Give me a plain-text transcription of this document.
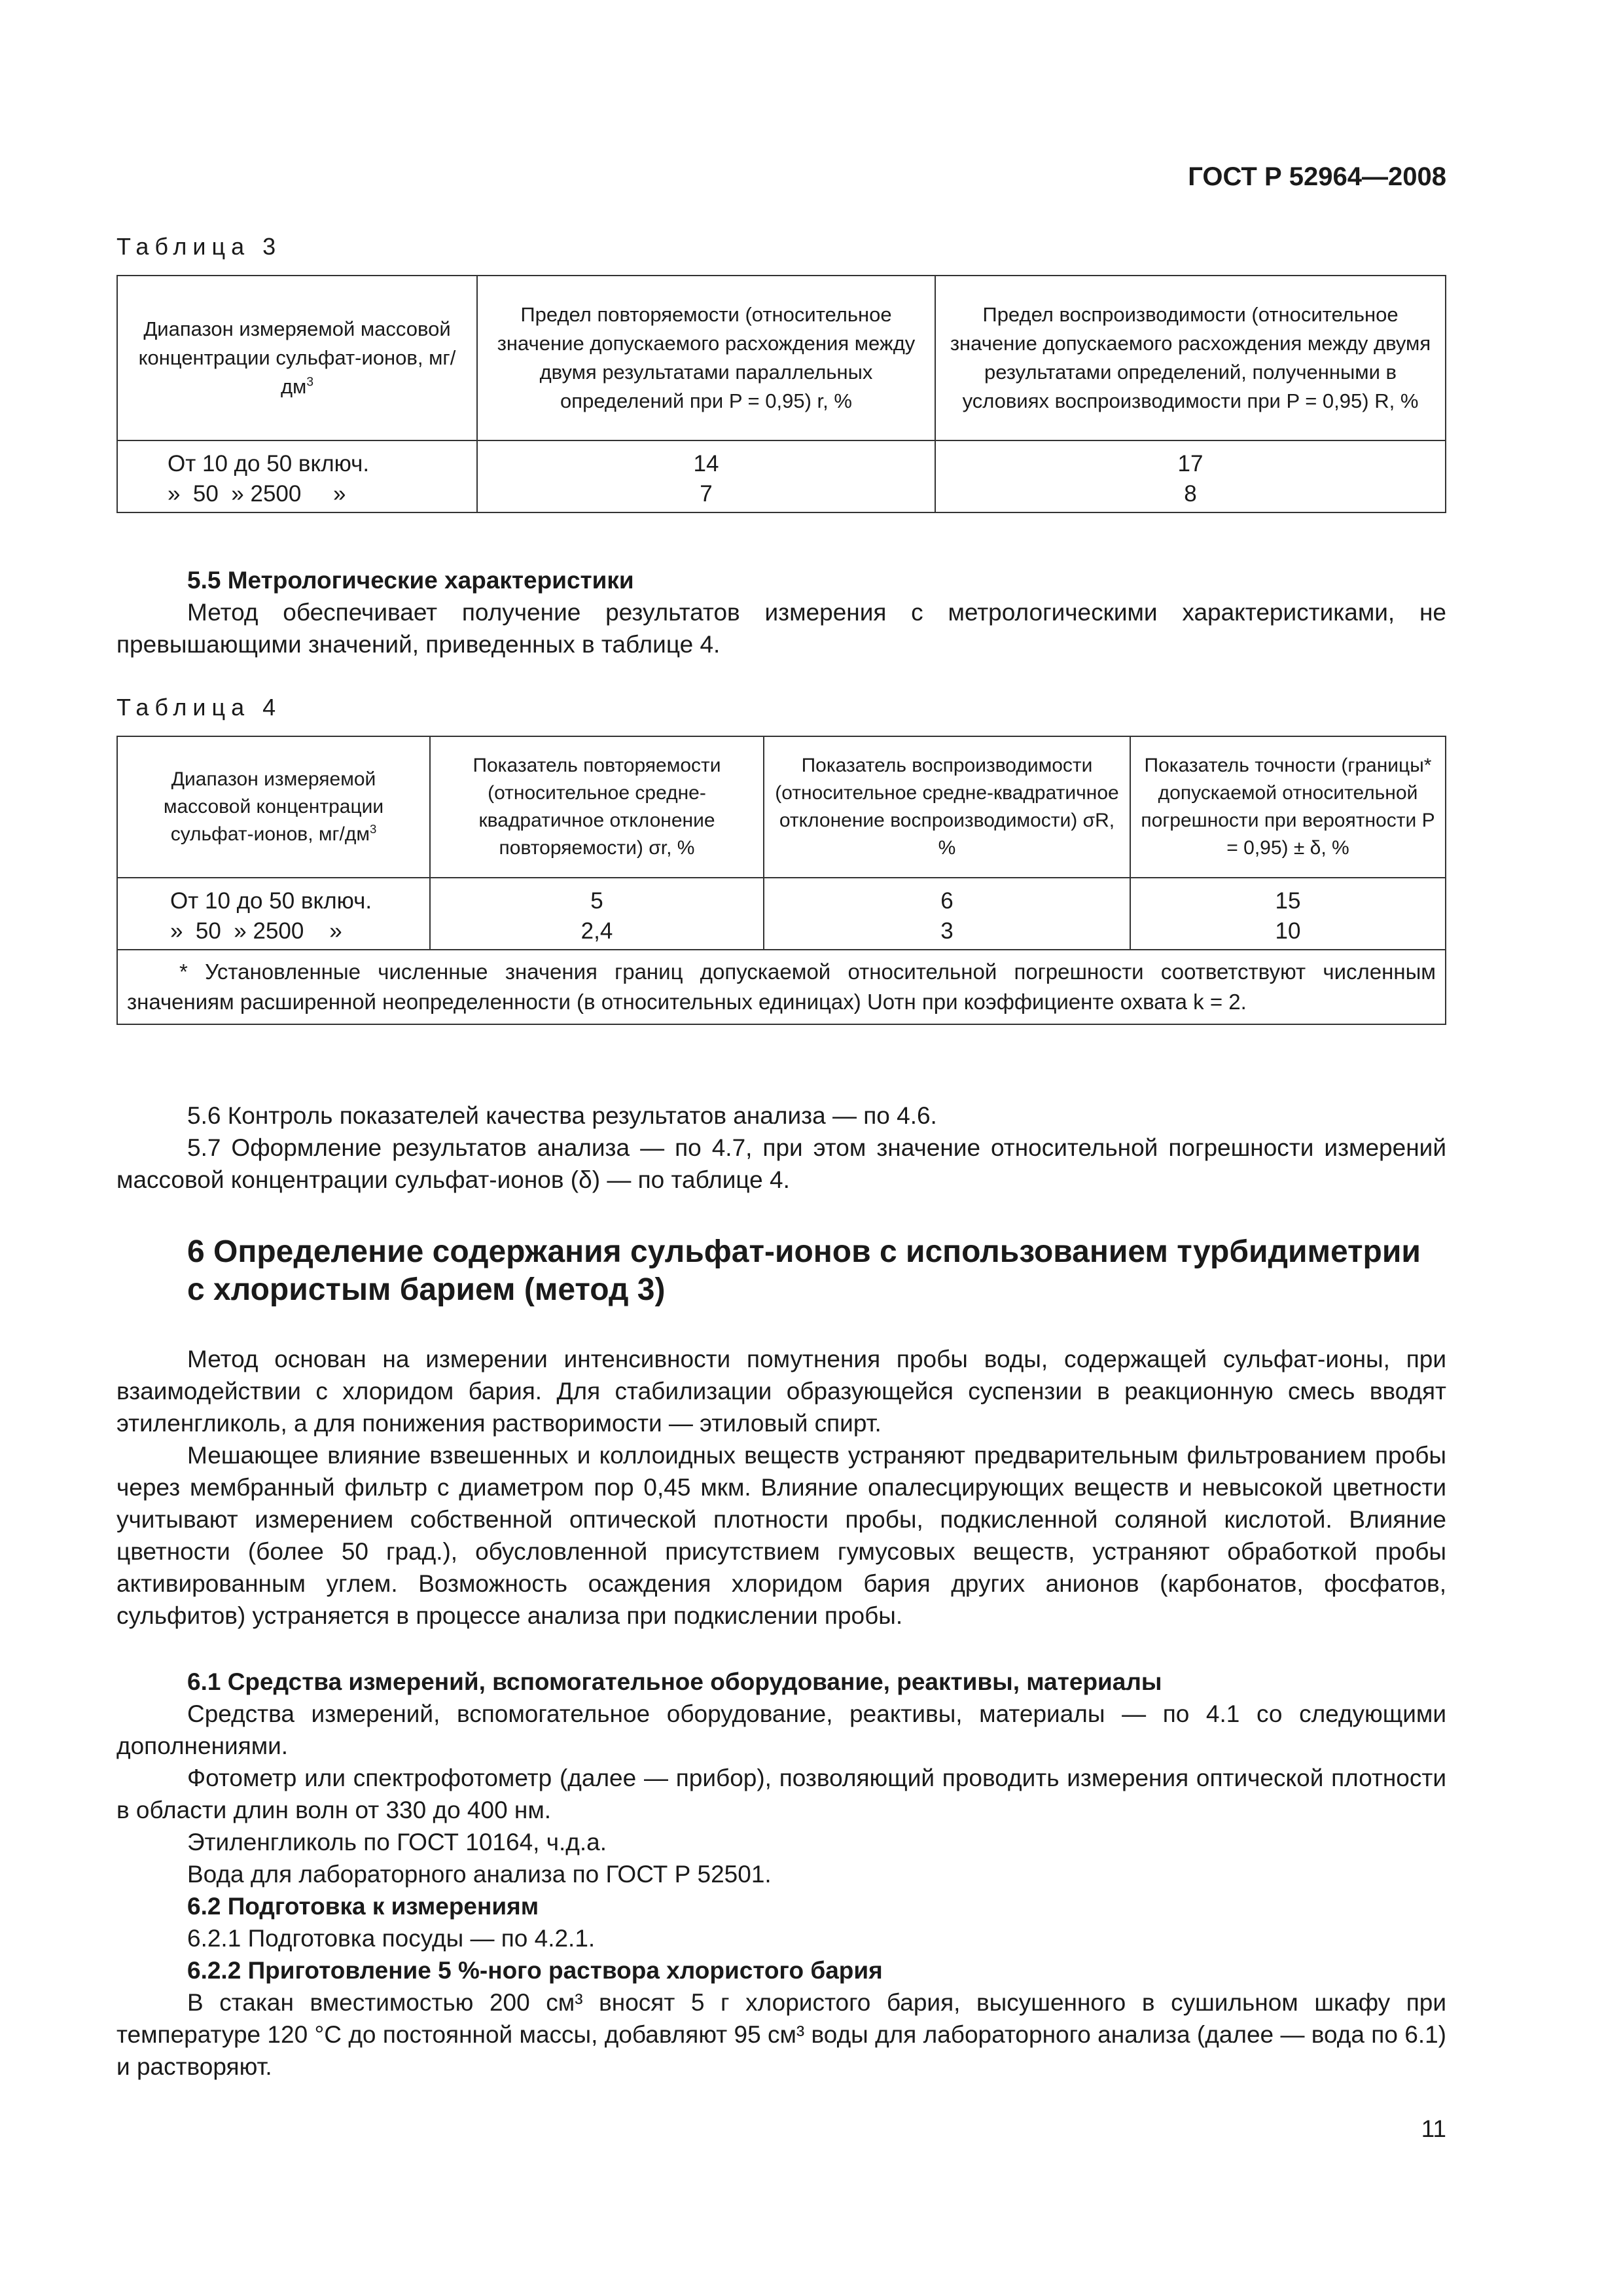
ГОСТ Р 52964—2008
Таблица 3
Диапазон измеряемой массовой концентрации сульфат-ионов, $мг/дм^3$	Предел повторяемости (относительное значение допускаемого расхождения между двумя результатами параллельных определений при P = 0,95) r, %	Предел воспроизводимости (относительное значение допускаемого расхождения между двумя результатами определений, полученными в условиях воспроизводимости при P = 0,95) R, %
От 10 до 50 включ.	14	17
»  50  » 2500     »	7	8
5.5 Метрологические характеристики
Метод обеспечивает получение результатов измерения с метрологическими характеристиками, не превышающими значений, приведенных в таблице 4.
Таблица 4
Диапазон измеряемой массовой концентрации сульфат-ионов, $мг/дм^3$	Показатель повторяемости (относительное средне-квадратичное отклонение повторяемости) σr, %	Показатель воспроизводимости (относительное средне-квадратичное отклонение воспроизводимости) σR, %	Показатель точности (границы* допускаемой относительной погрешности при вероятности P = 0,95) ± δ, %
От 10 до 50 включ.	5	6	15
»  50  » 2500    »	2,4	3	10
* Установленные численные значения границ допускаемой относительной погрешности соответствуют численным значениям расширенной неопределенности (в относительных единицах) Uотн при коэффициенте охвата k = 2.			
5.6 Контроль показателей качества результатов анализа — по 4.6.
5.7 Оформление результатов анализа — по 4.7, при этом значение относительной погрешности измерений массовой концентрации сульфат-ионов (δ) — по таблице 4.
6 Определение содержания сульфат-ионов с использованием турбидиметрии с хлористым барием (метод 3)
Метод основан на измерении интенсивности помутнения пробы воды, содержащей сульфат-ионы, при взаимодействии с хлоридом бария. Для стабилизации образующейся суспензии в реакционную смесь вводят этиленгликоль, а для понижения растворимости — этиловый спирт.
Мешающее влияние взвешенных и коллоидных веществ устраняют предварительным фильтрованием пробы через мембранный фильтр с диаметром пор 0,45 мкм. Влияние опалесцирующих веществ и невысокой цветности учитывают измерением собственной оптической плотности пробы, подкисленной соляной кислотой. Влияние цветности (более 50 град.), обусловленной присутствием гумусовых веществ, устраняют обработкой пробы активированным углем. Возможность осаждения хлоридом бария других анионов (карбонатов, фосфатов, сульфитов) устраняется в процессе анализа при подкислении пробы.
6.1 Средства измерений, вспомогательное оборудование, реактивы, материалы
Средства измерений, вспомогательное оборудование, реактивы, материалы — по 4.1 со следующими дополнениями.
Фотометр или спектрофотометр (далее — прибор), позволяющий проводить измерения оптической плотности в области длин волн от 330 до 400 нм.
Этиленгликоль по ГОСТ 10164, ч.д.а.
Вода для лабораторного анализа по ГОСТ Р 52501.
6.2 Подготовка к измерениям
6.2.1 Подготовка посуды — по 4.2.1.
6.2.2 Приготовление 5 %-ного раствора хлористого бария
В стакан вместимостью 200 см³ вносят 5 г хлористого бария, высушенного в сушильном шкафу при температуре 120 °С до постоянной массы, добавляют 95 см³ воды для лабораторного анализа (далее — вода по 6.1) и растворяют.
11
